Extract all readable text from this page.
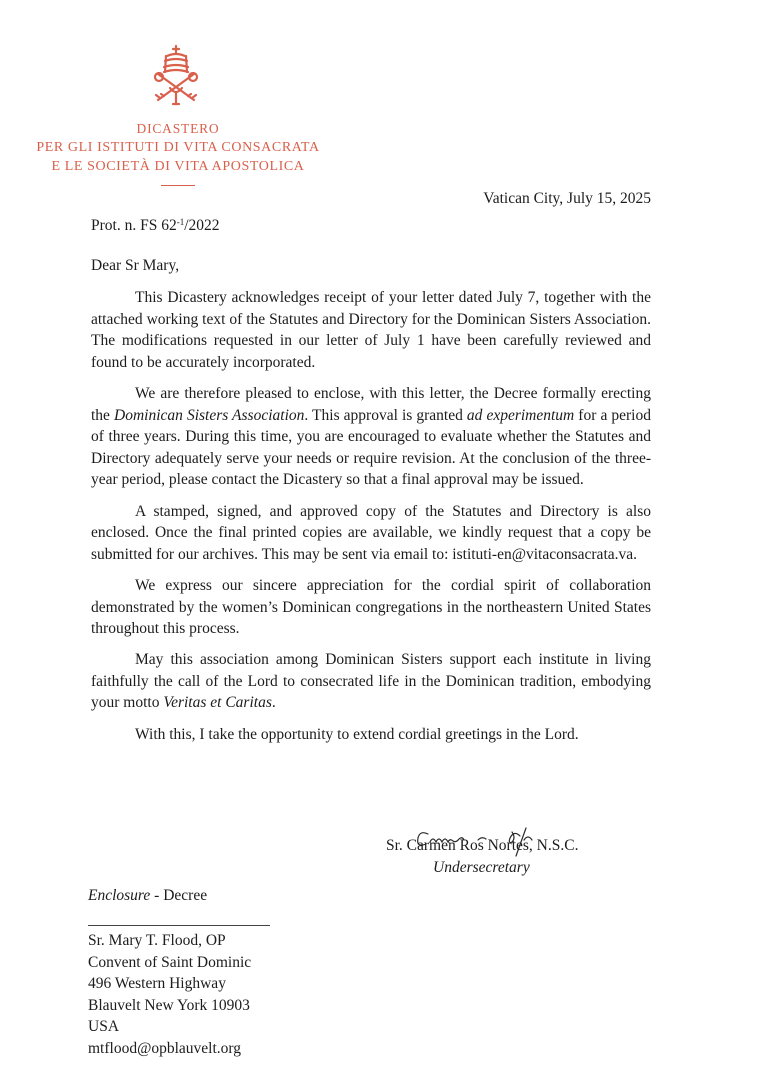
DICASTERO
PER GLI ISTITUTI DI VITA CONSACRATA
E LE SOCIETÀ DI VITA APOSTOLICA
Vatican City, July 15, 2025
Prot. n. FS $62^{-1}/2022$
Dear Sr Mary,

This Dicastery acknowledges receipt of your letter dated July 7, together with the attached working text of the Statutes and Directory for the Dominican Sisters Association. The modifications requested in our letter of July 1 have been carefully reviewed and found to be accurately incorporated.

We are therefore pleased to enclose, with this letter, the Decree formally erecting the Dominican Sisters Association. This approval is granted ad experimentum for a period of three years. During this time, you are encouraged to evaluate whether the Statutes and Directory adequately serve your needs or require revision. At the conclusion of the three-year period, please contact the Dicastery so that a final approval may be issued.

A stamped, signed, and approved copy of the Statutes and Directory is also enclosed. Once the final printed copies are available, we kindly request that a copy be submitted for our archives. This may be sent via email to: istituti-en@vitaconsacrata.va.

We express our sincere appreciation for the cordial spirit of collaboration demonstrated by the women’s Dominican congregations in the northeastern United States throughout this process.

May this association among Dominican Sisters support each institute in living faithfully the call of the Lord to consecrated life in the Dominican tradition, embodying your motto Veritas et Caritas.

With this, I take the opportunity to extend cordial greetings in the Lord.

Sr. Carmen Ros Nortes, N.S.C.
Undersecretary
Enclosure - Decree
Sr. Mary T. Flood, OP
Convent of Saint Dominic
496 Western Highway
Blauvelt New York 10903
USA
mtflood@opblauvelt.org
